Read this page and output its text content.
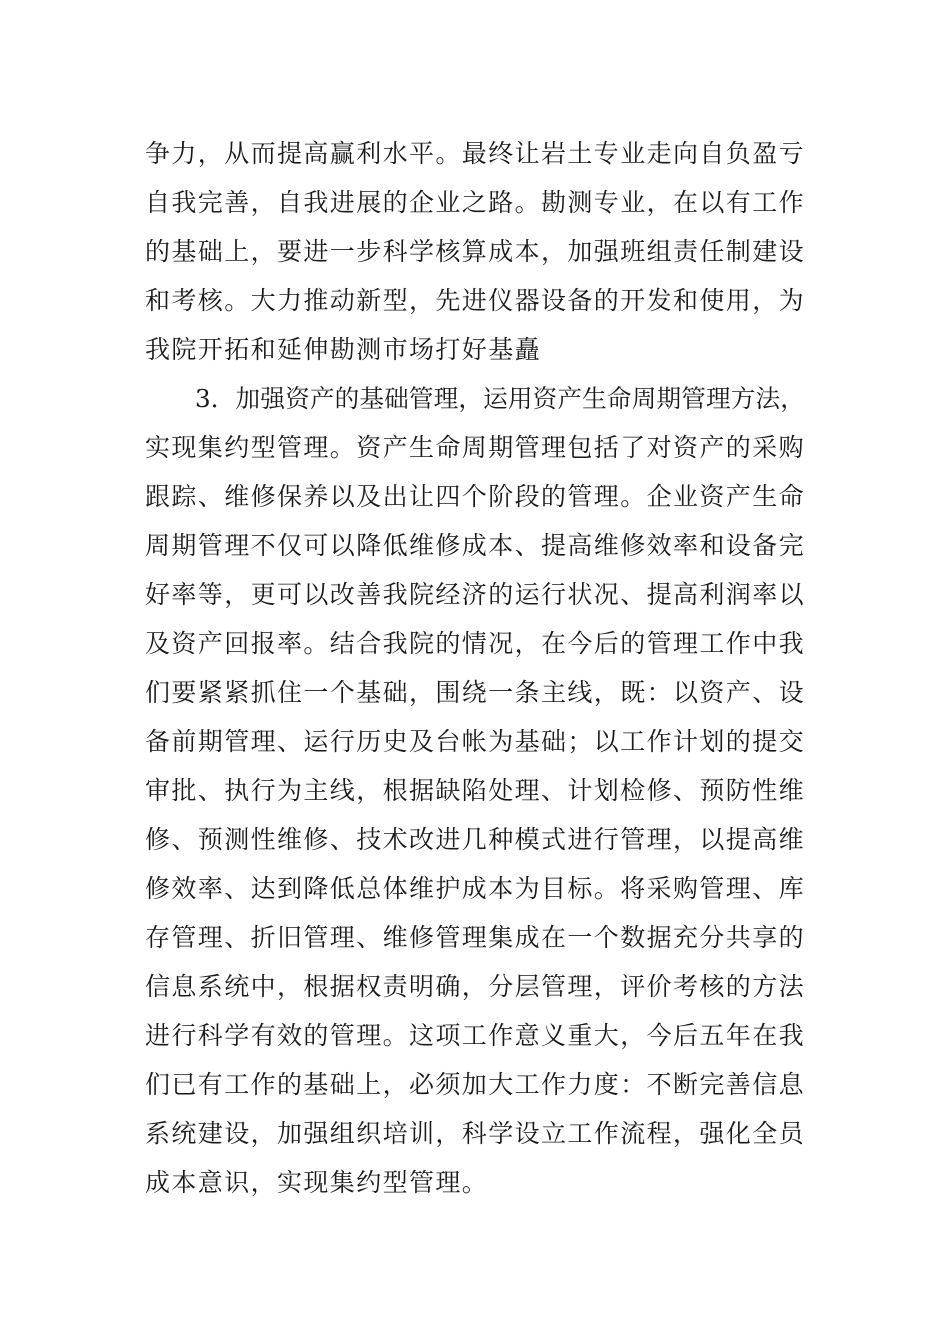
争力，从而提高赢利水平。最终让岩土专业走向自负盈亏
自我完善，自我进展的企业之路。勘测专业，在以有工作
的基础上，要进一步科学核算成本，加强班组责任制建设
和考核。大力推动新型，先进仪器设备的开发和使用，为
我院开拓和延伸勘测市场打好基矗
3．加强资产的基础管理，运用资产生命周期管理方法，
实现集约型管理。资产生命周期管理包括了对资产的采购
跟踪、维修保养以及出让四个阶段的管理。企业资产生命
周期管理不仅可以降低维修成本、提高维修效率和设备完
好率等，更可以改善我院经济的运行状况、提高利润率以
及资产回报率。结合我院的情况，在今后的管理工作中我
们要紧紧抓住一个基础，围绕一条主线，既：以资产、设
备前期管理、运行历史及台帐为基础；以工作计划的提交
审批、执行为主线，根据缺陷处理、计划检修、预防性维
修、预测性维修、技术改进几种模式进行管理，以提高维
修效率、达到降低总体维护成本为目标。将采购管理、库
存管理、折旧管理、维修管理集成在一个数据充分共享的
信息系统中，根据权责明确，分层管理，评价考核的方法
进行科学有效的管理。这项工作意义重大，今后五年在我
们已有工作的基础上，必须加大工作力度：不断完善信息
系统建设，加强组织培训，科学设立工作流程，强化全员
成本意识，实现集约型管理。
